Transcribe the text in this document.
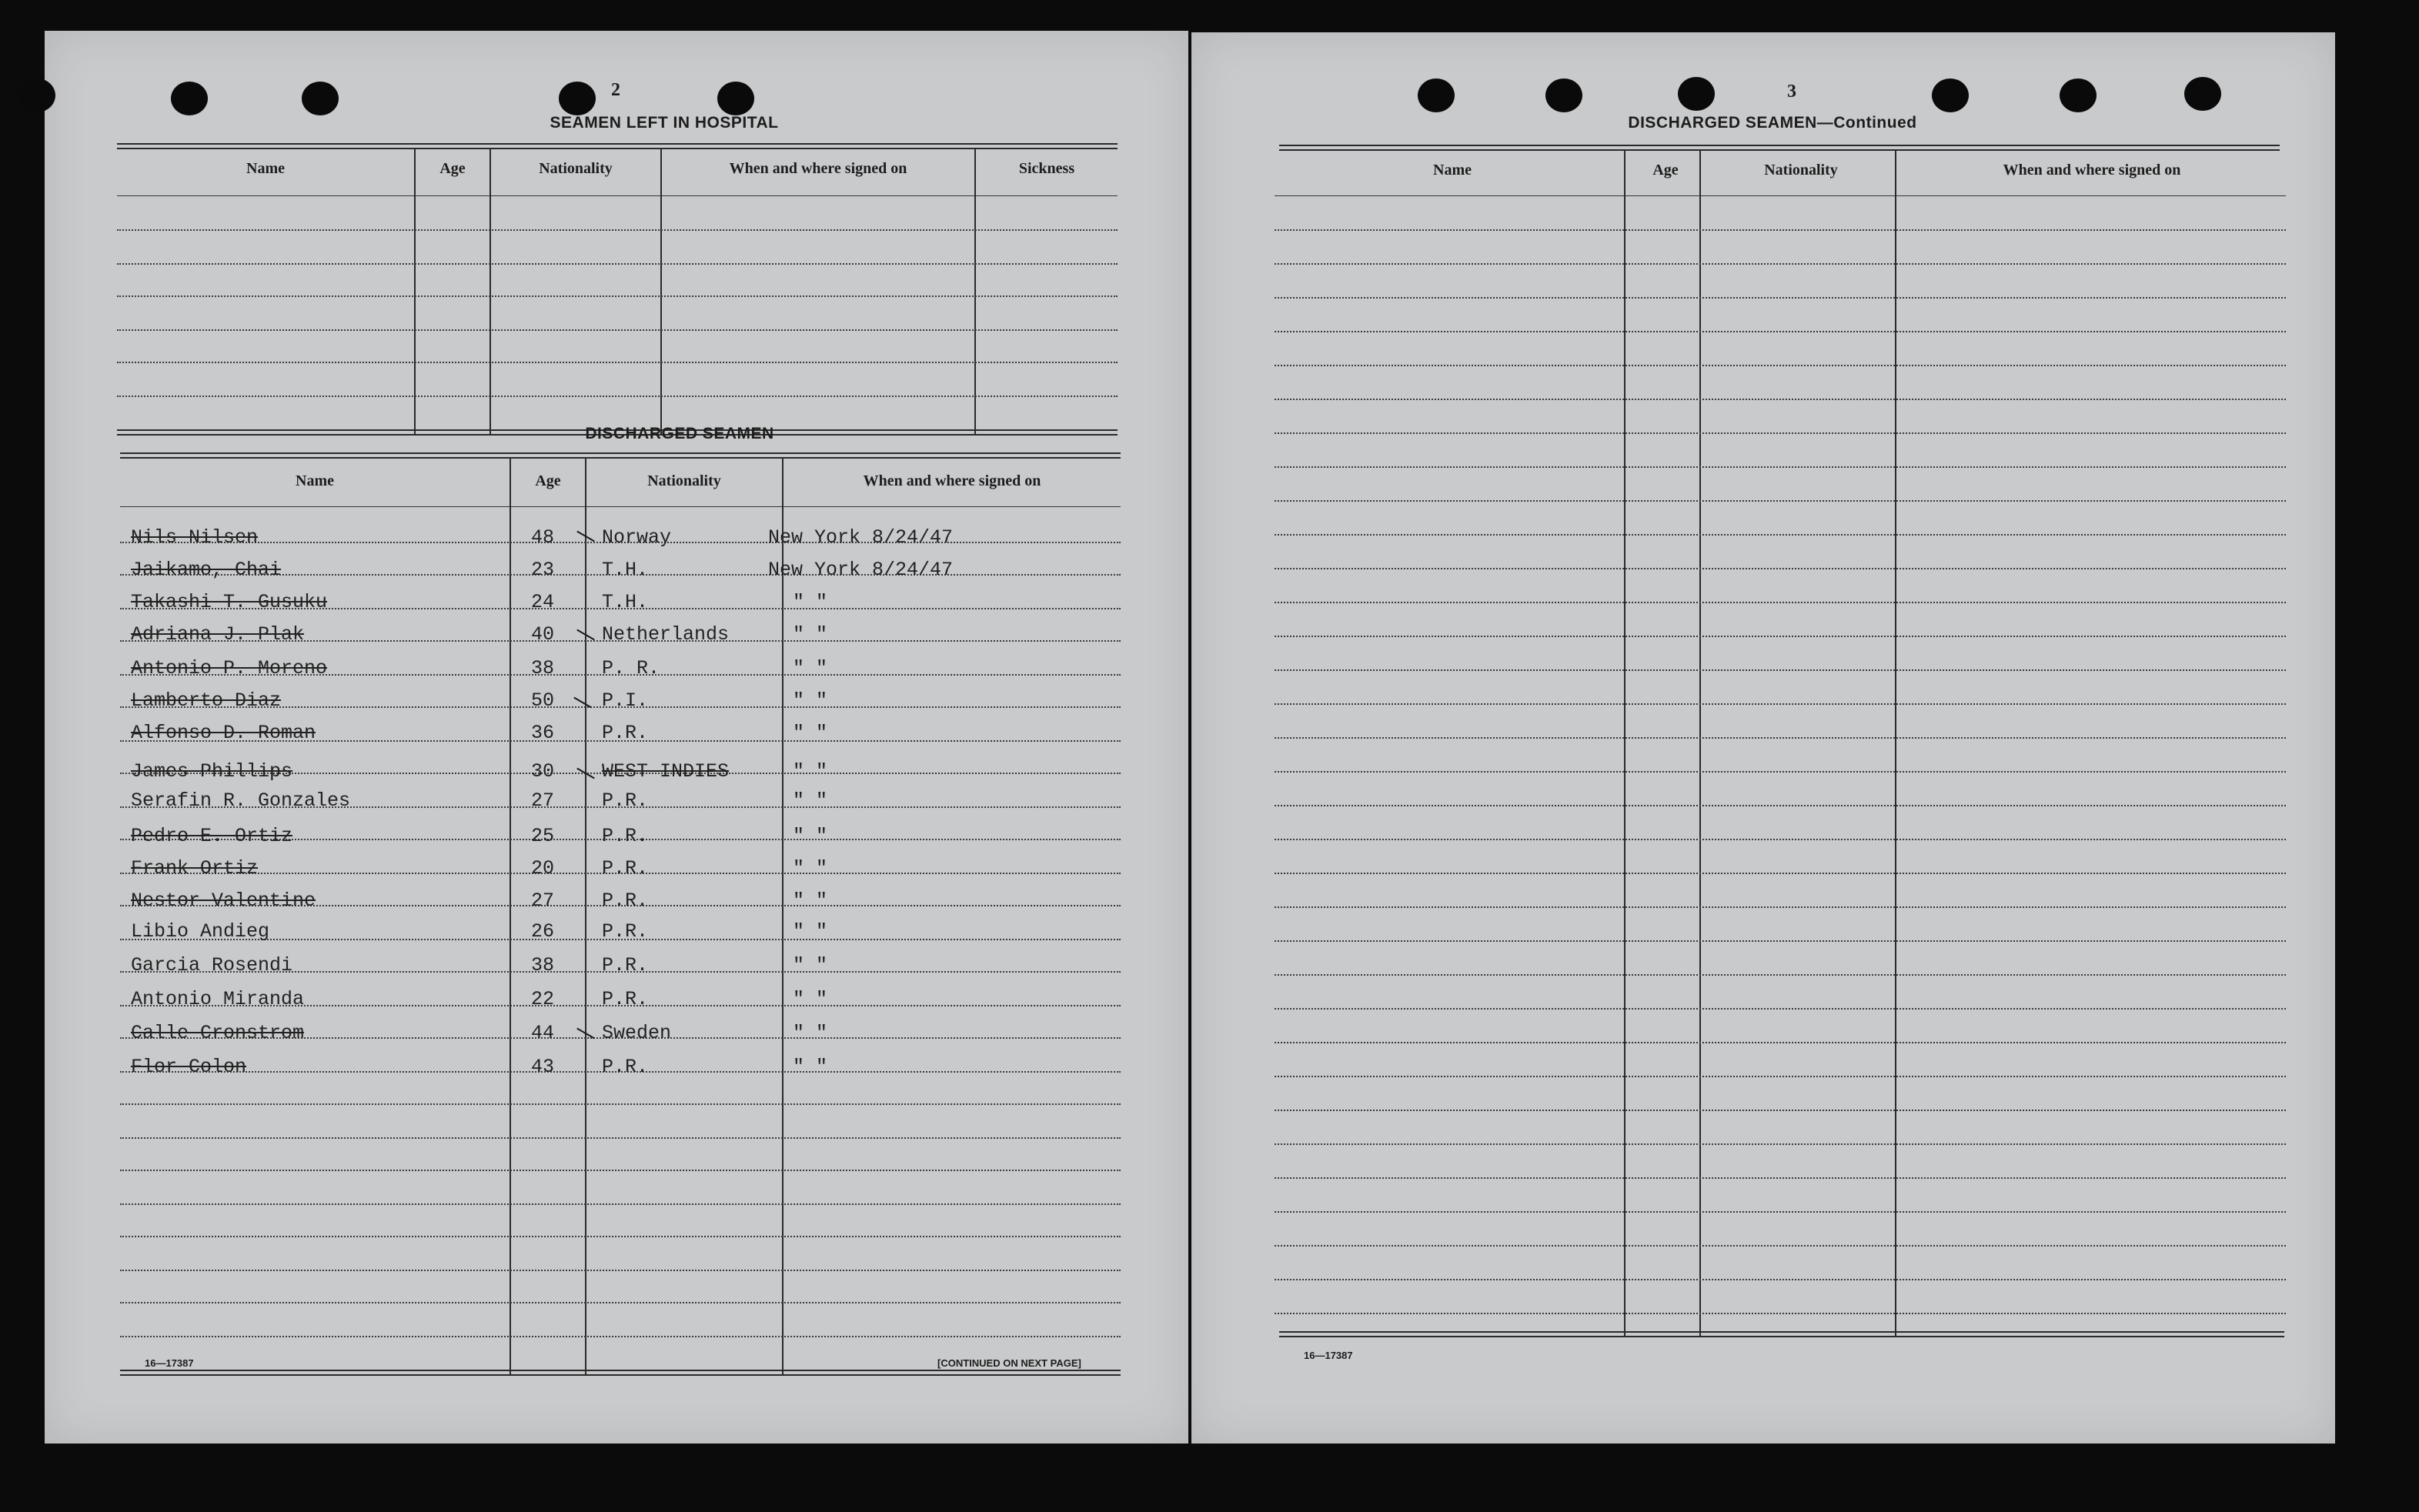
2
SEAMEN LEFT IN HOSPITAL
Name	Age	Nationality	When and where signed on	Sickness
DISCHARGED SEAMEN
Name	Age	Nationality	When and where signed on
Nils Nilsen	48 Norway	New York 8/24/47
Jaikamo, Chai	23 T.H.	New York 8/24/47
Takashi T. Gusuku	24 T.H.	" "
Adriana J. Plak	40 Netherlands	" "
Antonio P. Moreno	38 P. R.	" "
Lamberto Diaz	50 P.I.	" "
Alfonso D. Roman	36 P.R.	" "
James Phillips	30 WEST INDIES	" "
Serafin R. Gonzales	27 P.R.	" "
Pedro E. Ortiz	25 P.R.	" "
Frank Ortiz	20 P.R.	" "
Nestor Valentine	27 P.R.	" "
Libio Andieg	26 P.R.	" "
Garcia Rosendi	38 P.R.	" "
Antonio Miranda	22 P.R.	" "
Calle Cronstrom	44 Sweden	" "
Flor Colon	43 P.R.	" "
16—17387	[CONTINUED ON NEXT PAGE]
3
DISCHARGED SEAMEN—Continued
Name	Age	Nationality	When and where signed on
16—17387
